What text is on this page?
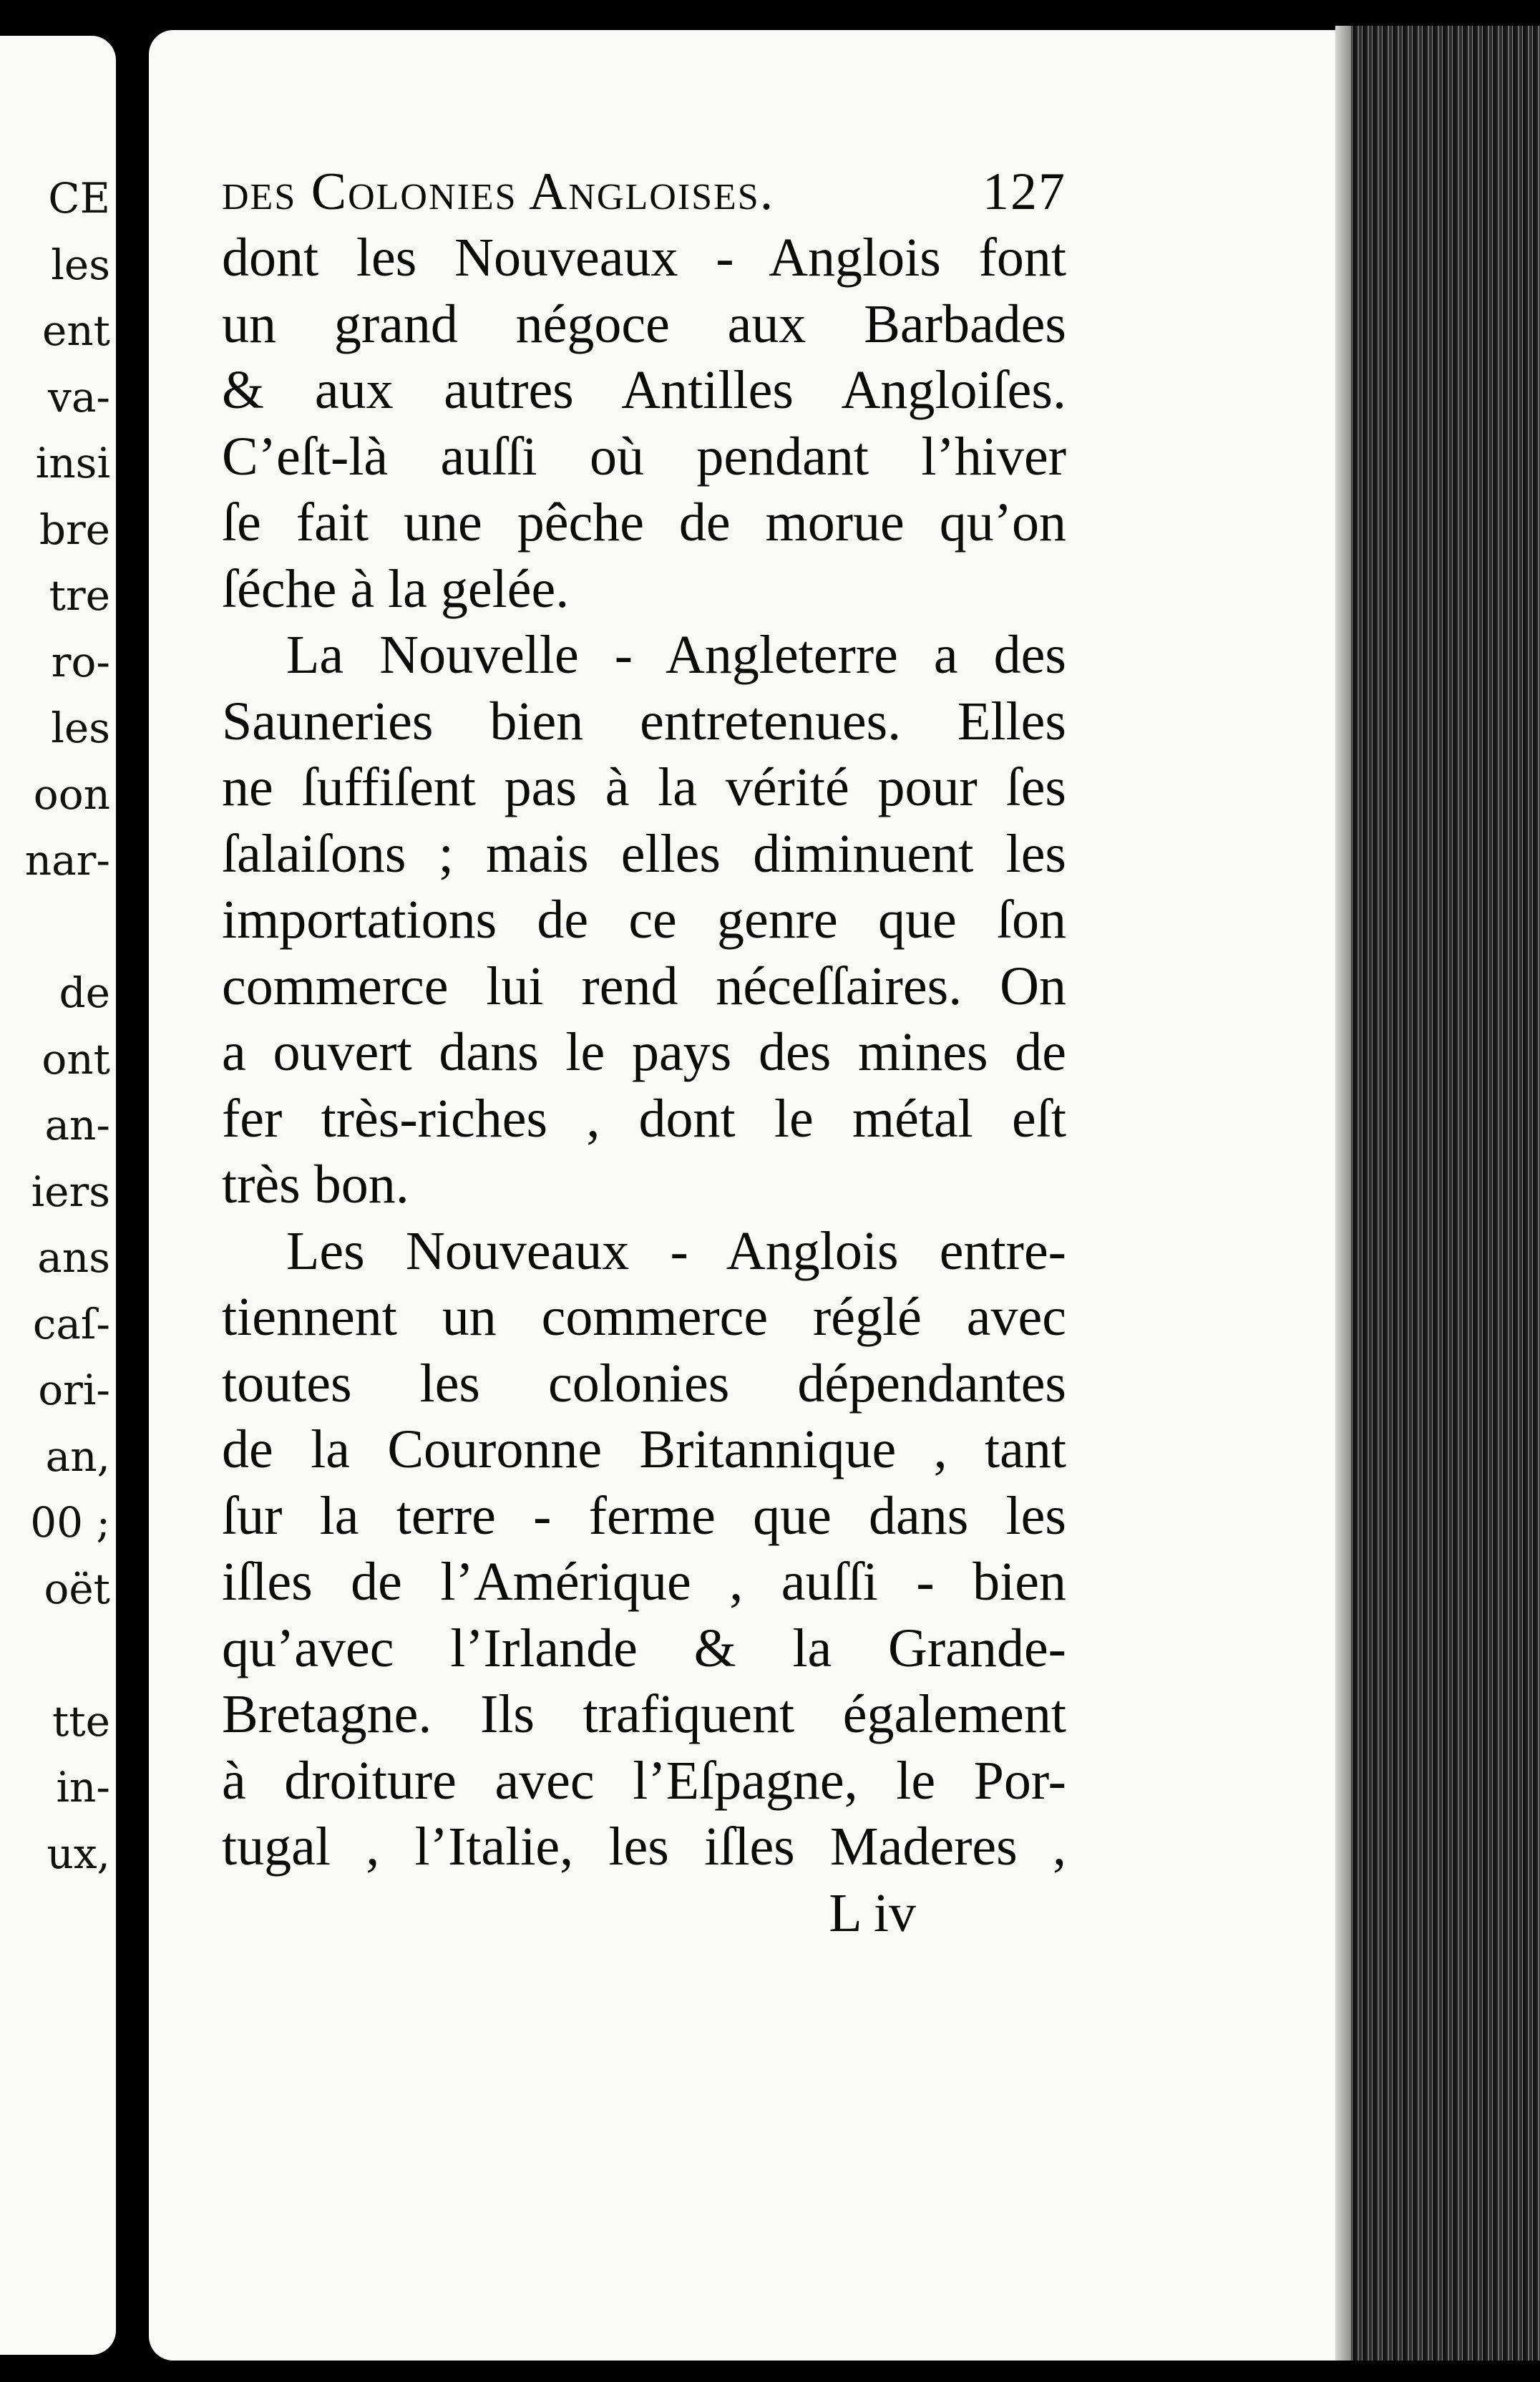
CE
les
ent
va-
insi
bre
tre
ro-
les
oon
nar-
de
ont
an-
iers
ans
caſ-
ori-
an,
00 ;
oët
tte
in-
ux,
des Colonies Angloises.	127
dont les Nouveaux - Anglois font
un grand négoce aux Barbades
& aux autres Antilles Angloiſes.
C’eſt-là auſſi où pendant l’hiver
ſe fait une pêche de morue qu’on
ſéche à la gelée.
La Nouvelle - Angleterre a des
Sauneries bien entretenues. Elles
ne ſuffiſent pas à la vérité pour ſes
ſalaiſons ; mais elles diminuent les
importations de ce genre que ſon
commerce lui rend néceſſaires. On
a ouvert dans le pays des mines de
fer très-riches , dont le métal eſt
très bon.
Les Nouveaux - Anglois entre-
tiennent un commerce réglé avec
toutes les colonies dépendantes
de la Couronne Britannique , tant
ſur la terre - ferme que dans les
iſles de l’Amérique , auſſi - bien
qu’avec l’Irlande & la Grande-
Bretagne. Ils trafiquent également
à droiture avec l’Eſpagne, le Por-
tugal , l’Italie, les iſles Maderes ,
L iv
